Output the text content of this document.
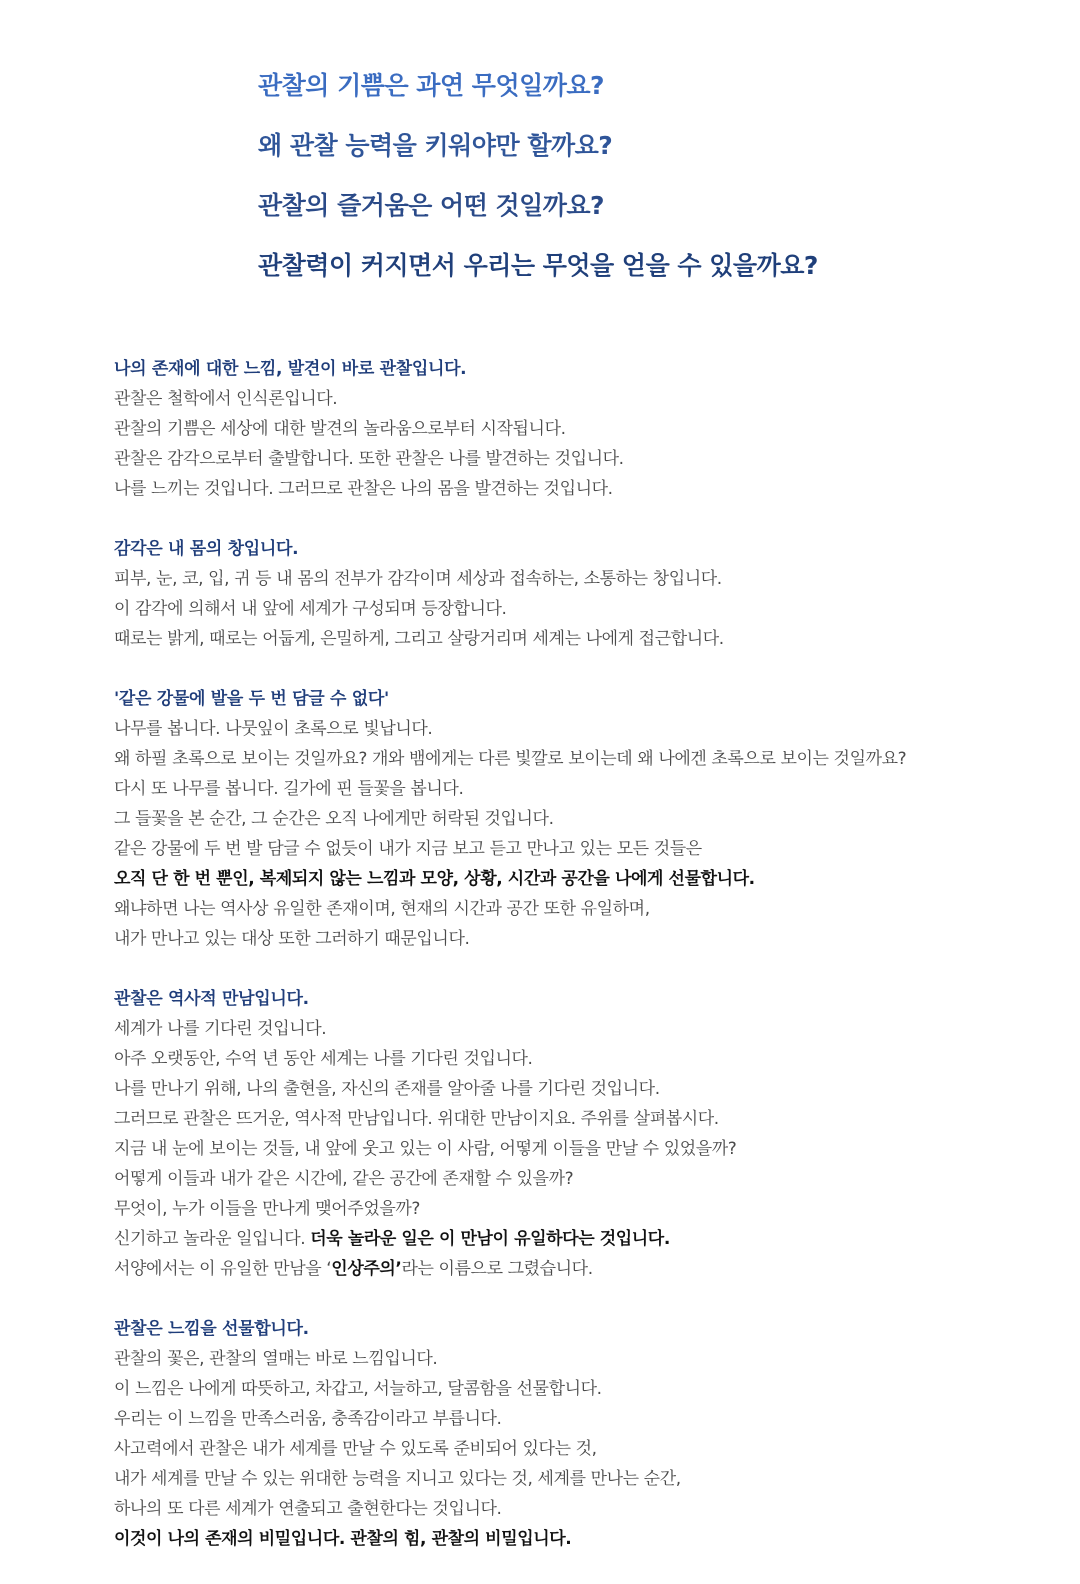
관찰의 기쁨은 과연 무엇일까요?
왜 관찰 능력을 키워야만 할까요?
관찰의 즐거움은 어떤 것일까요?
관찰력이 커지면서 우리는 무엇을 얻을 수 있을까요?
나의 존재에 대한 느낌, 발견이 바로 관찰입니다.
관찰은 철학에서 인식론입니다.
관찰의 기쁨은 세상에 대한 발견의 놀라움으로부터 시작됩니다.
관찰은 감각으로부터 출발합니다. 또한 관찰은 나를 발견하는 것입니다.
나를 느끼는 것입니다. 그러므로 관찰은 나의 몸을 발견하는 것입니다.
감각은 내 몸의 창입니다.
피부, 눈, 코, 입, 귀 등 내 몸의 전부가 감각이며 세상과 접속하는, 소통하는 창입니다.
이 감각에 의해서 내 앞에 세계가 구성되며 등장합니다.
때로는 밝게, 때로는 어둡게, 은밀하게, 그리고 살랑거리며 세계는 나에게 접근합니다.
'같은 강물에 발을 두 번 담글 수 없다'
나무를 봅니다. 나뭇잎이 초록으로 빛납니다.
왜 하필 초록으로 보이는 것일까요? 개와 뱀에게는 다른 빛깔로 보이는데 왜 나에겐 초록으로 보이는 것일까요?
다시 또 나무를 봅니다. 길가에 핀 들꽃을 봅니다.
그 들꽃을 본 순간, 그 순간은 오직 나에게만 허락된 것입니다.
같은 강물에 두 번 발 담글 수 없듯이 내가 지금 보고 듣고 만나고 있는 모든 것들은
오직 단 한 번 뿐인, 복제되지 않는 느낌과 모양, 상황, 시간과 공간을 나에게 선물합니다.
왜냐하면 나는 역사상 유일한 존재이며, 현재의 시간과 공간 또한 유일하며,
내가 만나고 있는 대상 또한 그러하기 때문입니다.
관찰은 역사적 만남입니다.
세계가 나를 기다린 것입니다.
아주 오랫동안, 수억 년 동안 세계는 나를 기다린 것입니다.
나를 만나기 위해, 나의 출현을, 자신의 존재를 알아줄 나를 기다린 것입니다.
그러므로 관찰은 뜨거운, 역사적 만남입니다. 위대한 만남이지요. 주위를 살펴봅시다.
지금 내 눈에 보이는 것들, 내 앞에 웃고 있는 이 사람, 어떻게 이들을 만날 수 있었을까?
어떻게 이들과 내가 같은 시간에, 같은 공간에 존재할 수 있을까?
무엇이, 누가 이들을 만나게 맺어주었을까?
신기하고 놀라운 일입니다. 더욱 놀라운 일은 이 만남이 유일하다는 것입니다.
서양에서는 이 유일한 만남을 ‘인상주의’라는 이름으로 그렸습니다.
관찰은 느낌을 선물합니다.
관찰의 꽃은, 관찰의 열매는 바로 느낌입니다.
이 느낌은 나에게 따뜻하고, 차갑고, 서늘하고, 달콤함을 선물합니다.
우리는 이 느낌을 만족스러움, 충족감이라고 부릅니다.
사고력에서 관찰은 내가 세계를 만날 수 있도록 준비되어 있다는 것,
내가 세계를 만날 수 있는 위대한 능력을 지니고 있다는 것, 세계를 만나는 순간,
하나의 또 다른 세계가 연출되고 출현한다는 것입니다.
이것이 나의 존재의 비밀입니다. 관찰의 힘, 관찰의 비밀입니다.
